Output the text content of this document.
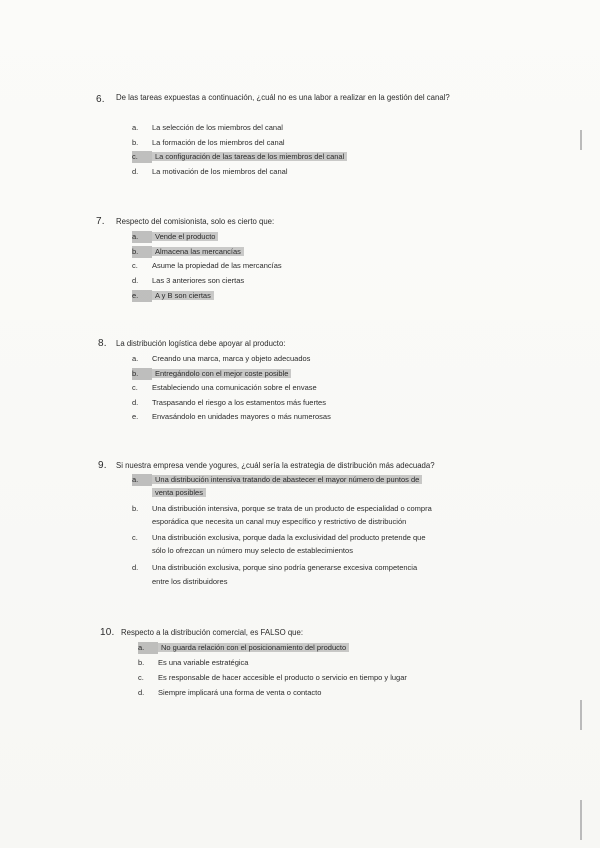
6. De las tareas expuestas a continuación, ¿cuál no es una labor a realizar en la gestión del canal?
a. La selección de los miembros del canal
b. La formación de los miembros del canal
c. La configuración de las tareas de los miembros del canal
d. La motivación de los miembros del canal
7. Respecto del comisionista, solo es cierto que:
a. Vende el producto
b. Almacena las mercancías
c. Asume la propiedad de las mercancías
d. Las 3 anteriores son ciertas
e. A y B son ciertas
8. La distribución logística debe apoyar al producto:
a. Creando una marca, marca y objeto adecuados
b. Entregándolo con el mejor coste posible
c. Estableciendo una comunicación sobre el envase
d. Traspasando el riesgo a los estamentos más fuertes
e. Envasándolo en unidades mayores o más numerosas
9. Si nuestra empresa vende yogures, ¿cuál sería la estrategia de distribución más adecuada?
a. Una distribución intensiva tratando de abastecer el mayor número de puntos de
venta posibles
b. Una distribución intensiva, porque se trata de un producto de especialidad o compra
esporádica que necesita un canal muy específico y restrictivo de distribución
c. Una distribución exclusiva, porque dada la exclusividad del producto pretende que
sólo lo ofrezcan un número muy selecto de establecimientos
d. Una distribución exclusiva, porque sino podría generarse excesiva competencia
entre los distribuidores
10. Respecto a la distribución comercial, es FALSO que:
a. No guarda relación con el posicionamiento del producto
b. Es una variable estratégica
c. Es responsable de hacer accesible el producto o servicio en tiempo y lugar
d. Siempre implicará una forma de venta o contacto
